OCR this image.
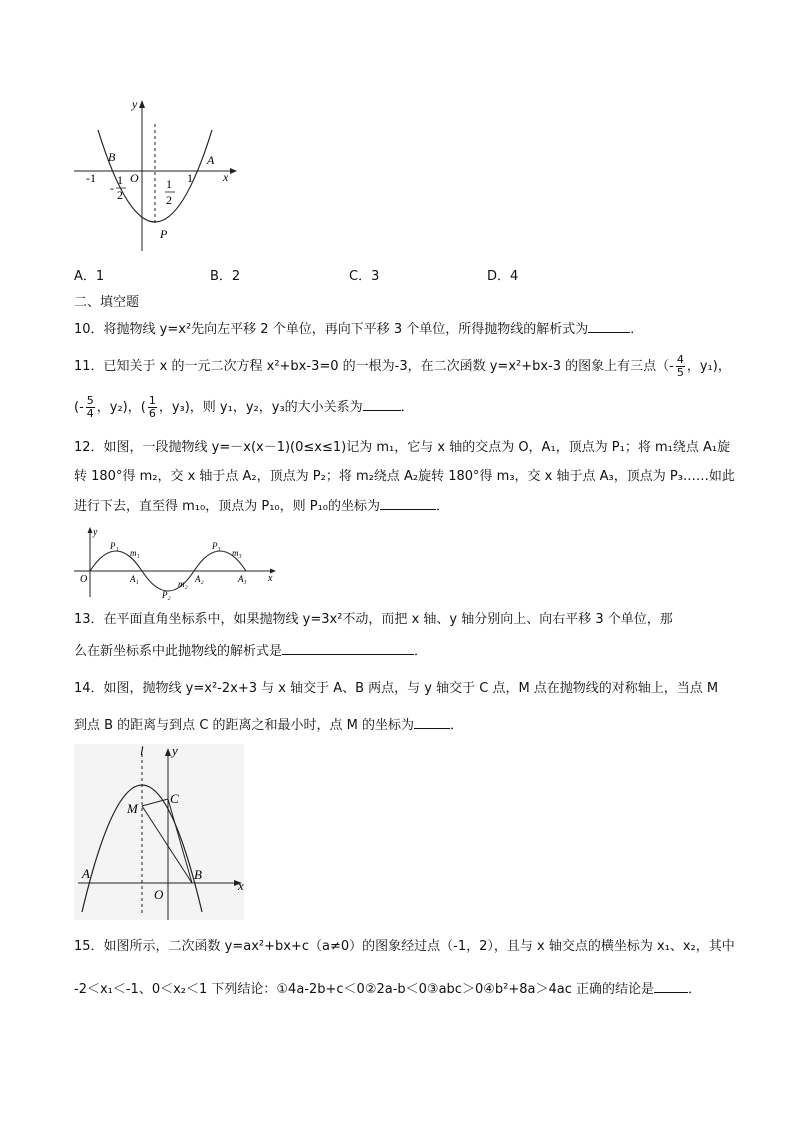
y
x
-1	O	1
B	A
P
-
1
2
1
2
A．1	B．2	C．3	D．4
二、填空题
10．将抛物线 y=x²先向左平移 2 个单位，再向下平移 3 个单位，所得抛物线的解析式为	．
11．已知关于 x 的一元二次方程 x²+bx-3=0 的一根为-3，在二次函数 y=x²+bx-3 的图象上有三点（- $\frac{4}{5}$ ，y₁)，
(- $\frac{5}{4}$ ，y₂)，( $\frac{1}{6}$ ，y₃)，则 y₁，y₂，y₃的大小关系为	．
12．如图，一段抛物线 y=－x(x－1)(0≤x≤1)记为 m₁，它与 x 轴的交点为 O，A₁，顶点为 P₁；将 m₁绕点 A₁旋
转 180°得 m₂，交 x 轴于点 A₂，顶点为 P₂；将 m₂绕点 A₂旋转 180°得 m₃，交 x 轴于点 A₃，顶点为 P₃……如此
进行下去，直至得 m₁₀，顶点为 P₁₀，则 P₁₀的坐标为	．
y
x
O
P₁
m₁
A₁
P₂
m₂ A₂
P₃
m₃
A₃
13．在平面直角坐标系中，如果抛物线 y=3x²不动，而把 x 轴、y 轴分别向上、向右平移 3 个单位，那
么在新坐标系中此抛物线的解析式是	．
14．如图，抛物线 y=x²-2x+3 与 x 轴交于 A、B 两点，与 y 轴交于 C 点，M 点在抛物线的对称轴上，当点 M
到点 B 的距离与到点 C 的距离之和最小时，点 M 的坐标为	．
l y
x
C
M
A	B
O
15．如图所示，二次函数 y=ax²+bx+c（a≠0）的图象经过点（-1，2），且与 x 轴交点的横坐标为 x₁、x₂，其中
-2＜x₁＜-1、0＜x₂＜1 下列结论：①4a-2b+c＜0②2a-b＜0③abc＞0④b²+8a＞4ac 正确的结论是	．
